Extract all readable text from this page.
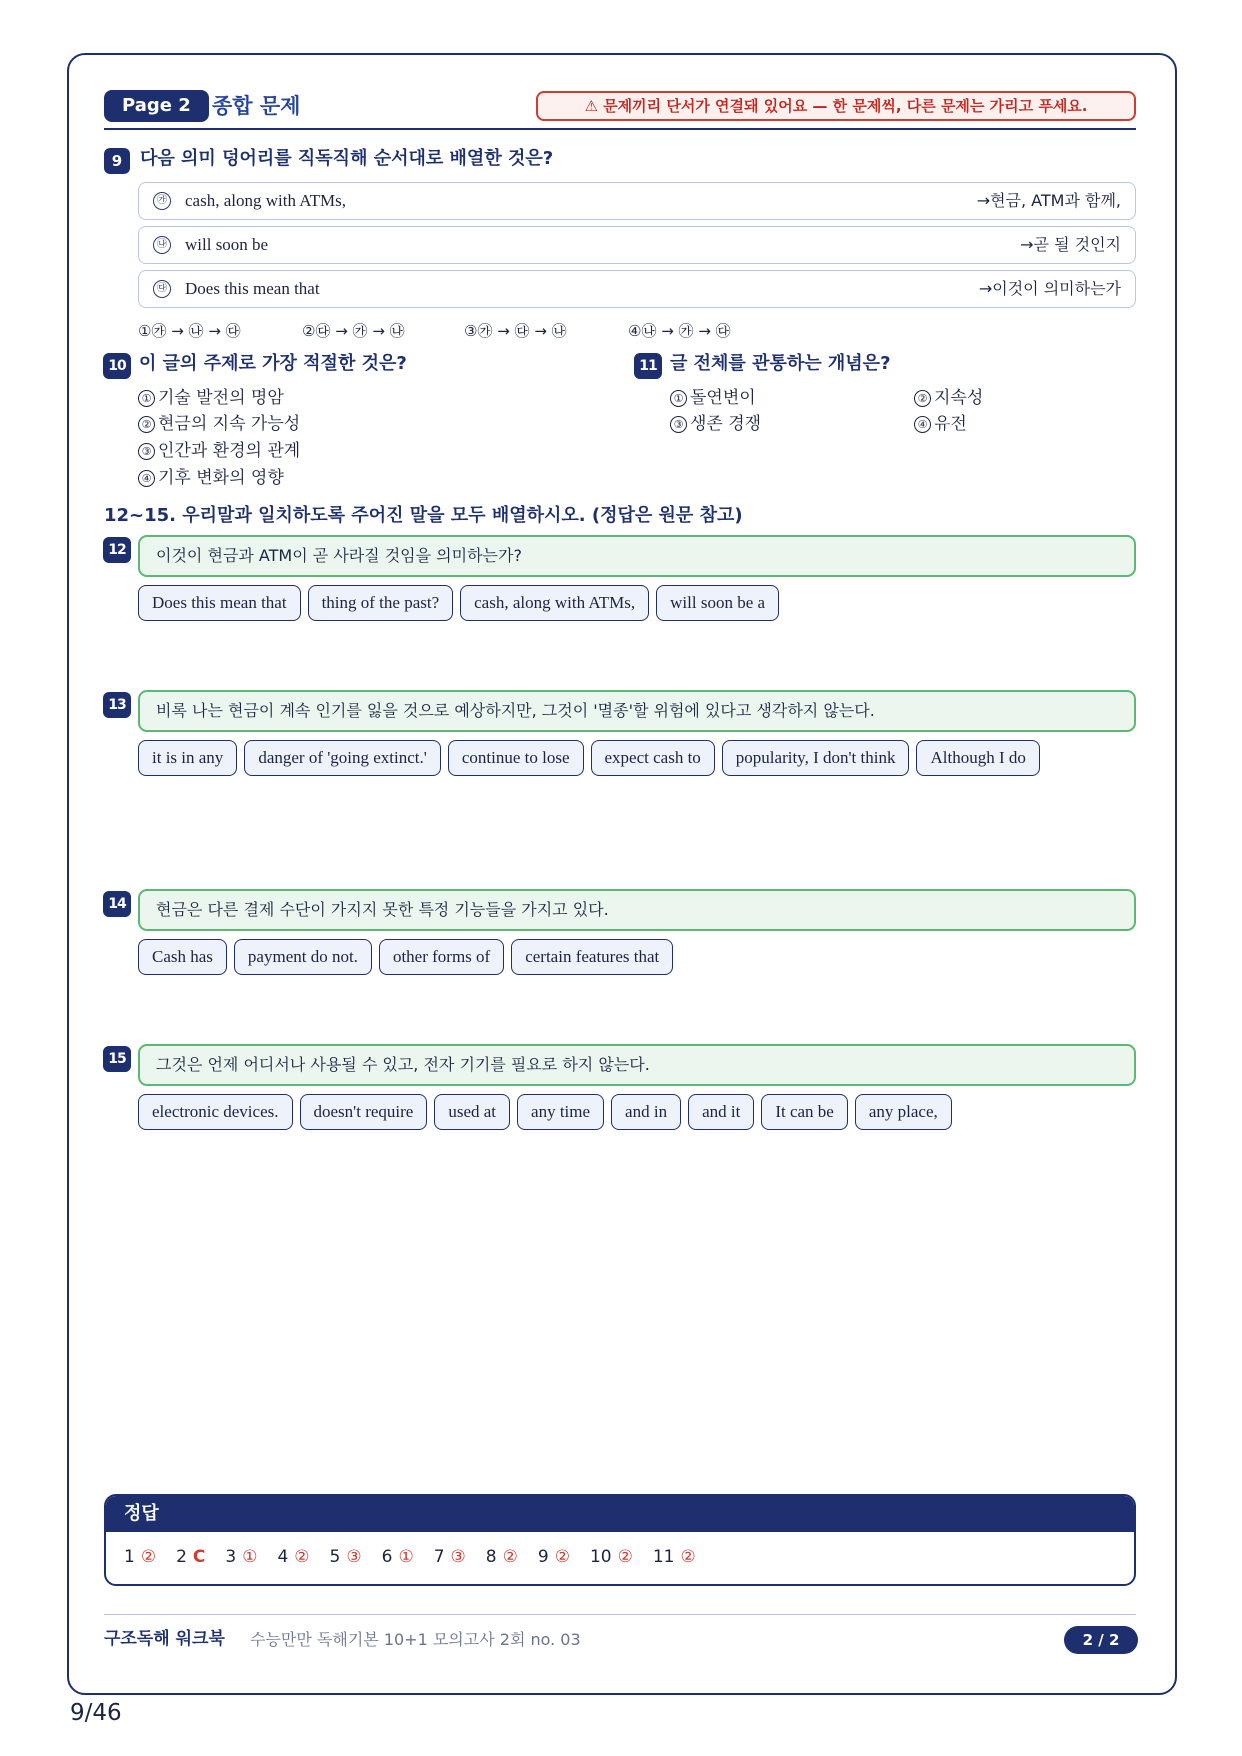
Page 2	종합 문제	⚠ 문제끼리 단서가 연결돼 있어요 — 한 문제씩, 다른 문제는 가리고 푸세요.
9 다음 의미 덩어리를 직독직해 순서대로 배열한 것은?
㉮ cash, along with ATMs,	→현금, ATM과 함께,
㉯ will soon be	→곧 될 것인지
㉰ Does this mean that	→이것이 의미하는가
①㉮ → ㉯ → ㉰	②㉰ → ㉮ → ㉯	③㉮ → ㉰ → ㉯	④㉯ → ㉮ → ㉰
10 이 글의 주제로 가장 적절한 것은?
① 기술 발전의 명암
② 현금의 지속 가능성
③ 인간과 환경의 관계
④ 기후 변화의 영향
11 글 전체를 관통하는 개념은?
① 돌연변이	② 지속성
③ 생존 경쟁	④ 유전
12~15. 우리말과 일치하도록 주어진 말을 모두 배열하시오. (정답은 원문 참고)
12	이것이 현금과 ATM이 곧 사라질 것임을 의미하는가?
Does this mean that	thing of the past?	cash, along with ATMs,	will soon be a
13	비록 나는 현금이 계속 인기를 잃을 것으로 예상하지만, 그것이 '멸종'할 위험에 있다고 생각하지 않는다.
it is in any	danger of 'going extinct.'	continue to lose	expect cash to	popularity, I don't think	Although I do
14	현금은 다른 결제 수단이 가지지 못한 특정 기능들을 가지고 있다.
Cash has	payment do not.	other forms of	certain features that
15	그것은 언제 어디서나 사용될 수 있고, 전자 기기를 필요로 하지 않는다.
electronic devices.	doesn't require	used at	any time	and in	and it	It can be	any place,
정답
1 ② 2 C 3 ① 4 ② 5 ③ 6 ① 7 ③ 8 ② 9 ② 10 ② 11 ②
구조독해 워크북 수능만만 독해기본 10+1 모의고사 2회 no. 03	2 / 2
9/46
